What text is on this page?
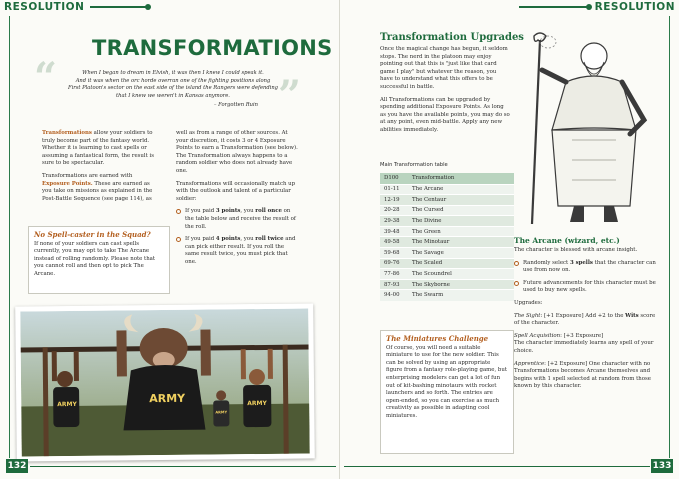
RESOLUTION
TRANSFORMATIONS
“	”
When I began to dream in Elvish, it was then I knew I could speak it.
And it was when the orc horde overran one of the fighting positions along
First Platoon's sector on the east side of the island the Rangers were defending
that I knew we weren't in Kansas anymore.
– Forgotten Ruin

Transformations allow your soldiers to truly become part of the fantasy world. Whether it is learning to cast spells or assuming a fantastical form, the result is sure to be spectacular.

Transformations are earned with Exposure Points. These are earned as you take on missions as explained in the Post-Battle Sequence (see page 114), as

well as from a range of other sources. At your discretion, it costs 3 or 4 Exposure Points to earn a Transformation (see below). The Transformation always happens to a random soldier who does not already have one.

Transformations will occasionally match up with the outlook and talent of a particular soldier:

If you paid 3 points, you roll once on the table below and receive the result of the roll.
If you paid 4 points, you roll twice and can pick either result. If you roll the same result twice, you must pick that one.
No Spell-caster in the Squad?
If none of your soldiers can cast spells currently, you may opt to take The Arcane instead of rolling randomly. Please note that you cannot roll and then opt to pick The Arcane.
ARMY	ARMY	ARMY
ARMY
132
RESOLUTION
Transformation Upgrades

Once the magical change has begun, it seldom stops. The nerd in the platoon may enjoy pointing out that this is "just like that card game I play" but whatever the reason, you have to understand what this offers to be successful in battle.

All Transformations can be upgraded by spending additional Exposure Points. As long as you have the available points, you may do so at any point, even mid-battle. Apply any new abilities immediately.

Main Transformation table
D100	Transformation
01-11	The Arcane
12-19	The Centaur
20-28	The Cursed
29-38	The Divine
39-48	The Green
49-58	The Minotaur
59-68	The Savage
69-76	The Scaled
77-86	The Scoundrel
87-93	The Skyborne
94-00	The Swarm
The Miniatures Challenge
Of course, you will need a suitable miniature to use for the new soldier. This can be solved by using an appropriate figure from a fantasy role-playing game, but enterprising modelers can get a lot of fun out of kit-bashing minotaurs with rocket launchers and so forth. The entries are open-ended, so you can exercise as much creativity as possible in adapting cool miniatures.
The Arcane (wizard, etc.)

The character is blessed with arcane insight.

Randomly select 3 spells that the character can use from now on.
Future advancements for this character must be used to buy new spells.

Upgrades:

The Sight: [+1 Exposure] Add +2 to the Wits score of the character.

Spell Acquisition: [+3 Exposure]
The character immediately learns any spell of your choice.

Apprentice: [+2 Exposure] One character with no Transformations becomes Arcane themselves and begins with 1 spell selected at random from those known by this character.

133
